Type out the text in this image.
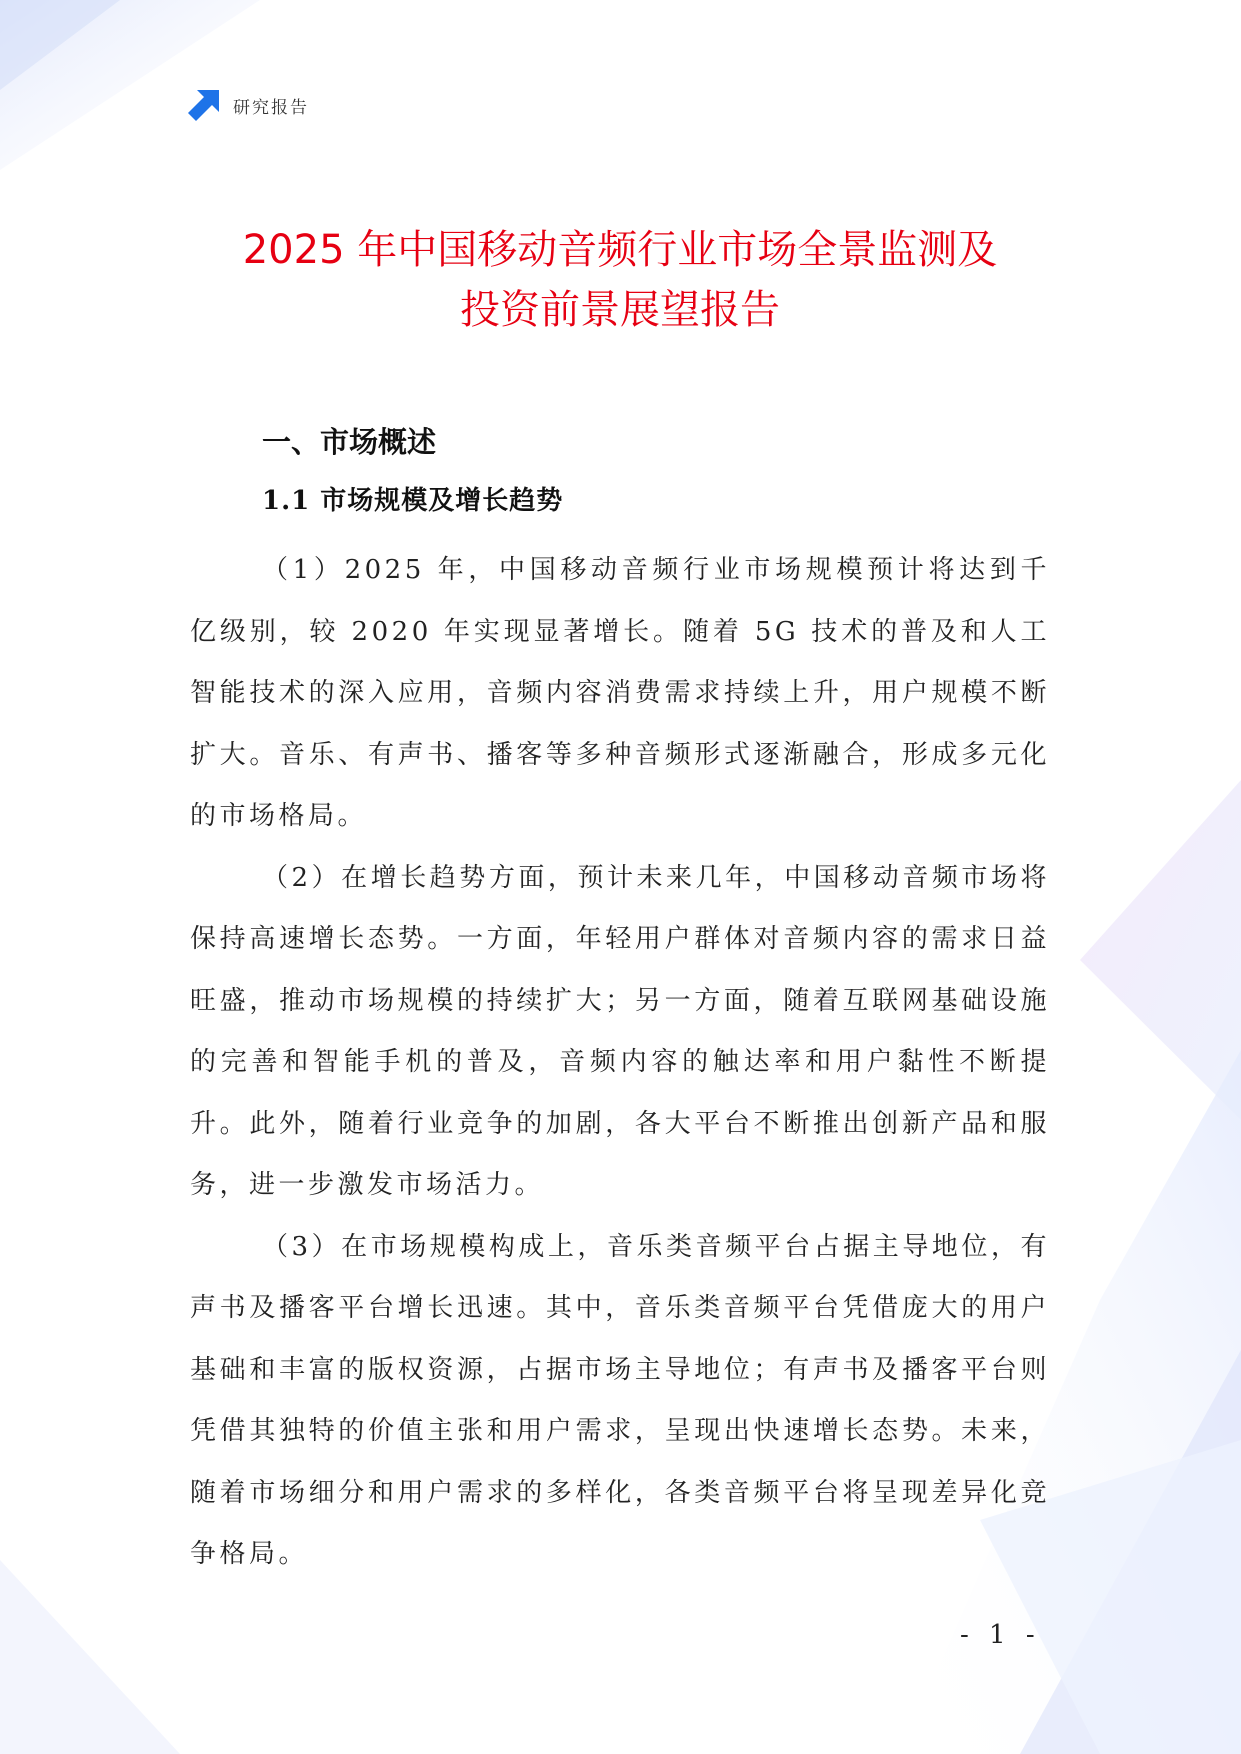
研究报告
2025 年中国移动音频行业市场全景监测及
投资前景展望报告
一、市场概述
1.1 市场规模及增长趋势

（1）2025 年，中国移动音频行业市场规模预计将达到千亿级别，较 2020 年实现显著增长。随着 5G 技术的普及和人工智能技术的深入应用，音频内容消费需求持续上升，用户规模不断扩大。音乐、有声书、播客等多种音频形式逐渐融合，形成多元化的市场格局。

（2）在增长趋势方面，预计未来几年，中国移动音频市场将保持高速增长态势。一方面，年轻用户群体对音频内容的需求日益旺盛，推动市场规模的持续扩大；另一方面，随着互联网基础设施的完善和智能手机的普及，音频内容的触达率和用户黏性不断提升。此外，随着行业竞争的加剧，各大平台不断推出创新产品和服务，进一步激发市场活力。

（3）在市场规模构成上，音乐类音频平台占据主导地位，有声书及播客平台增长迅速。其中，音乐类音频平台凭借庞大的用户基础和丰富的版权资源，占据市场主导地位；有声书及播客平台则凭借其独特的价值主张和用户需求，呈现出快速增长态势。未来，随着市场细分和用户需求的多样化，各类音频平台将呈现差异化竞争格局。

- 1 -
